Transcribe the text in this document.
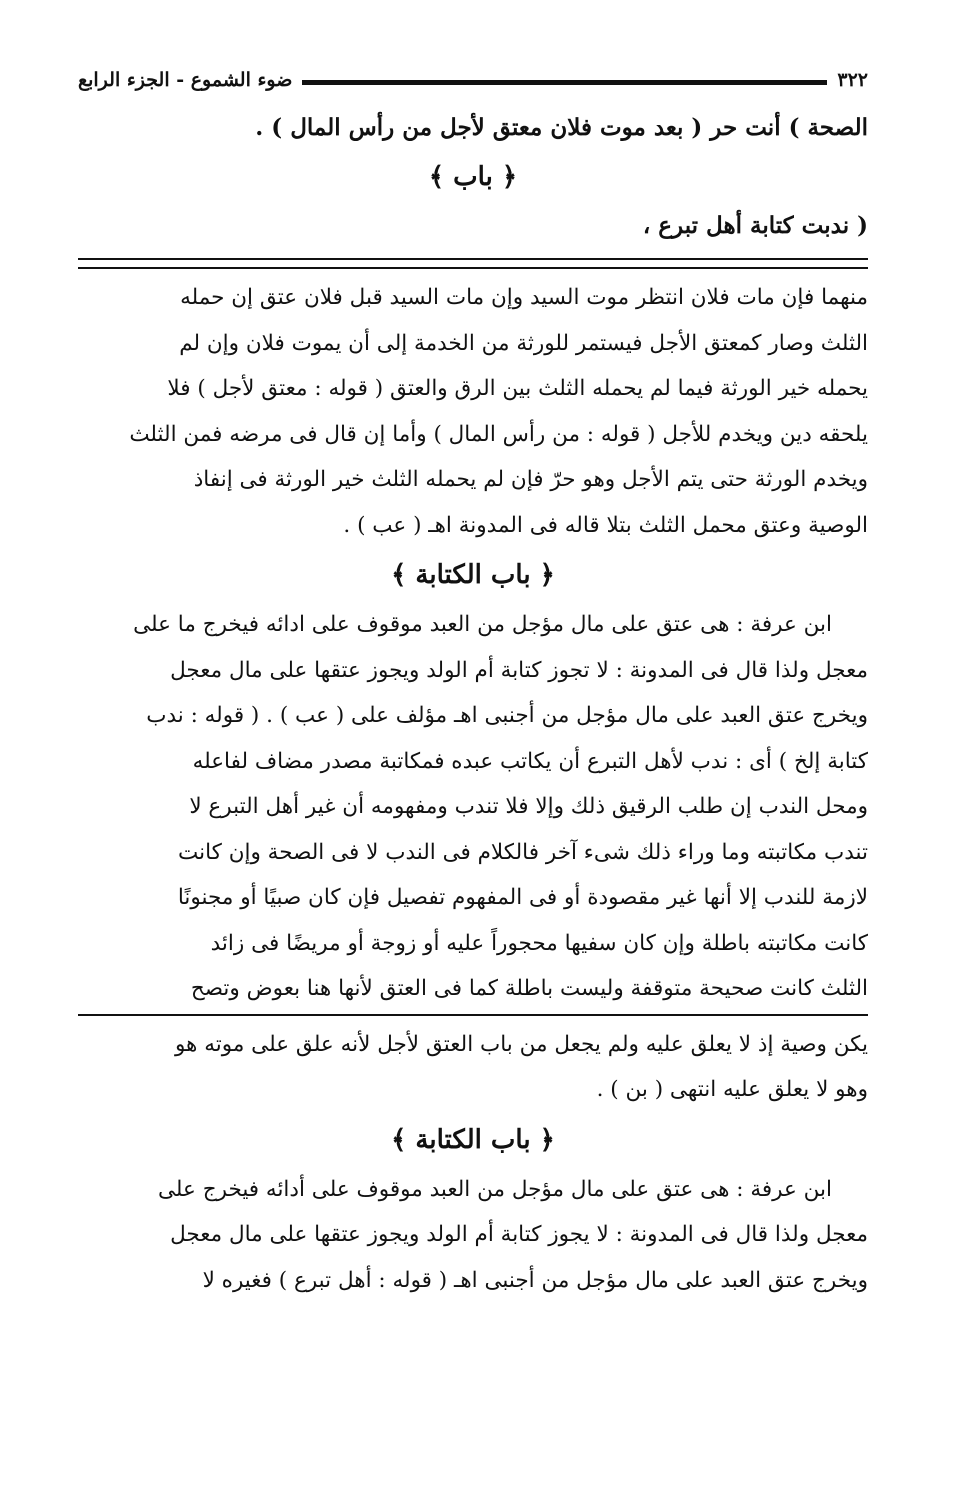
٣٢٢
ضوء الشموع - الجزء الرابع
الصحة ) أنت حر ( بعد موت فلان معتق لأجل من رأس المال ) .
﴿ باب ﴾
( ندبت كتابة أهل تبرع ،
منهما فإن مات فلان انتظر موت السيد وإن مات السيد قبل فلان عتق إن حمله
الثلث وصار كمعتق الأجل فيستمر للورثة من الخدمة إلى أن يموت فلان وإن لم
يحمله خير الورثة فيما لم يحمله الثلث بين الرق والعتق ( قوله : معتق لأجل ) فلا
يلحقه دين ويخدم للأجل ( قوله : من رأس المال ) وأما إن قال فى مرضه فمن الثلث
ويخدم الورثة حتى يتم الأجل وهو حرّ فإن لم يحمله الثلث خير الورثة فى إنفاذ
الوصية وعتق محمل الثلث بتلا قاله فى المدونة اهـ ( عب ) .
﴿ باب الكتابة ﴾
ابن عرفة : هى عتق على مال مؤجل من العبد موقوف على ادائه فيخرج ما على
معجل ولذا قال فى المدونة : لا تجوز كتابة أم الولد ويجوز عتقها على مال معجل
ويخرج عتق العبد على مال مؤجل من أجنبى اهـ مؤلف على ( عب ) . ( قوله : ندب
كتابة إلخ ) أى : ندب لأهل التبرع أن يكاتب عبده فمكاتبة مصدر مضاف لفاعله
ومحل الندب إن طلب الرقيق ذلك وإلا فلا تندب ومفهومه أن غير أهل التبرع لا
تندب مكاتبته وما وراء ذلك شىء آخر فالكلام فى الندب لا فى الصحة وإن كانت
لازمة للندب إلا أنها غير مقصودة أو فى المفهوم تفصيل فإن كان صبيًا أو مجنونًا
كانت مكاتبته باطلة وإن كان سفيها محجوراً عليه أو زوجة أو مريضًا فى زائد
الثلث كانت صحيحة متوقفة وليست باطلة كما فى العتق لأنها هنا بعوض وتصح
يكن وصية إذ لا يعلق عليه ولم يجعل من باب العتق لأجل لأنه علق على موته هو
وهو لا يعلق عليه انتهى ( بن ) .
﴿ باب الكتابة ﴾
ابن عرفة : هى عتق على مال مؤجل من العبد موقوف على أدائه فيخرج على
معجل ولذا قال فى المدونة : لا يجوز كتابة أم الولد ويجوز عتقها على مال معجل
ويخرج عتق العبد على مال مؤجل من أجنبى اهـ ( قوله : أهل تبرع ) فغيره لا
